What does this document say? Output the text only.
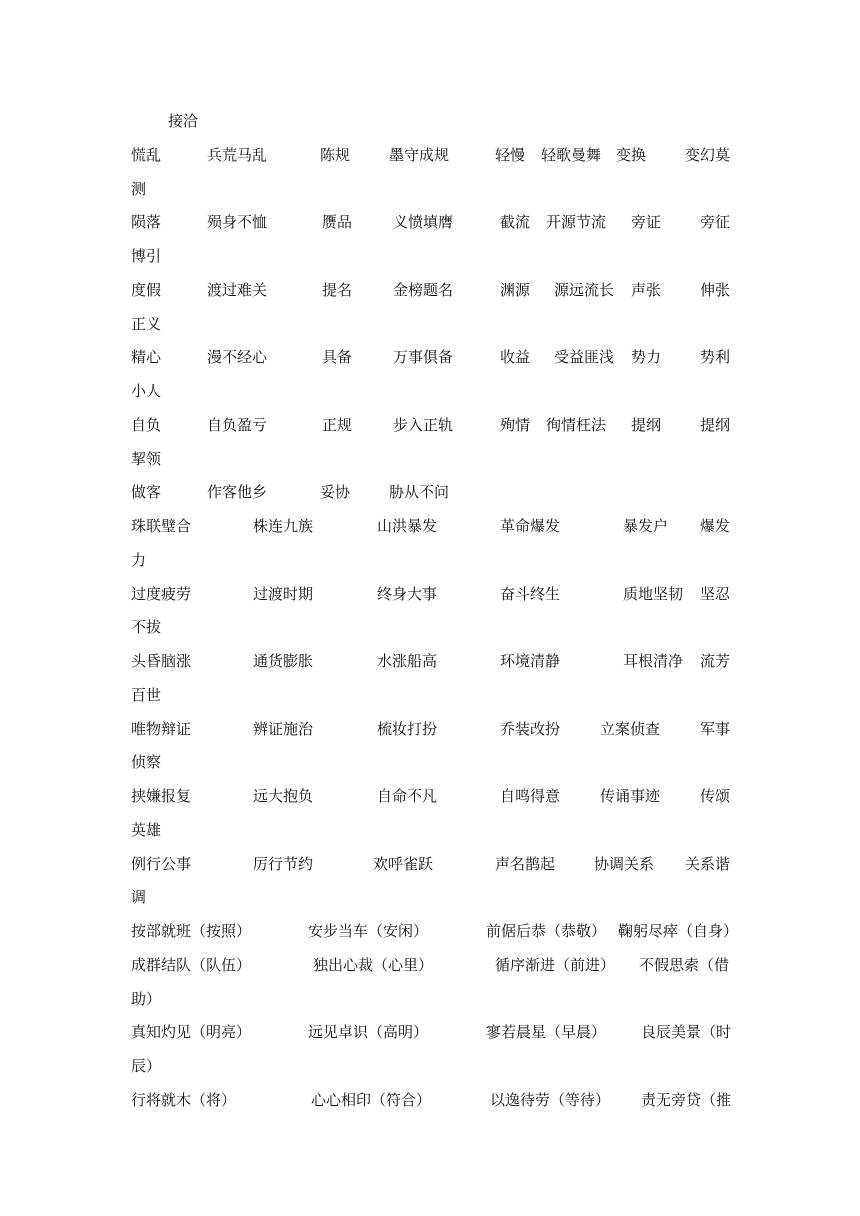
接洽
慌乱	兵荒马乱	陈规	墨守成规	轻慢 轻歌曼舞 变换	变幻莫
测
陨落	殒身不恤	赝品	义愤填膺	截流 开源节流 旁证	旁征
博引
度假	渡过难关	提名	金榜题名	渊源 源远流长 声张	伸张
正义
精心	漫不经心	具备	万事俱备	收益 受益匪浅 势力	势利
小人
自负	自负盈亏	正规	步入正轨	殉情 徇情枉法 提纲	提纲
挈领
做客	作客他乡	妥协	胁从不问
珠联璧合	株连九族	山洪暴发	革命爆发	暴发户 爆发
力
过度疲劳	过渡时期	终身大事	奋斗终生	质地坚韧 坚忍
不拔
头昏脑涨	通货膨胀	水涨船高	环境清静	耳根清净 流芳
百世
唯物辩证	辨证施治	梳妆打扮	乔装改扮	立案侦查	军事
侦察
挟嫌报复	远大抱负	自命不凡	自鸣得意	传诵事迹	传颂
英雄
例行公事	厉行节约	欢呼雀跃	声名鹊起	协调关系 关系谐
调
按部就班（按照）	安步当车（安闲）	前倨后恭（恭敬） 鞠躬尽瘁（自身）
成群结队（队伍）	独出心裁（心里）	循序渐进（前进） 不假思索（借
助）
真知灼见（明亮）	远见卓识（高明）	寥若晨星（早晨） 良辰美景（时
辰）
行将就木（将）	心心相印（符合）	以逸待劳（等待） 责无旁贷（推
